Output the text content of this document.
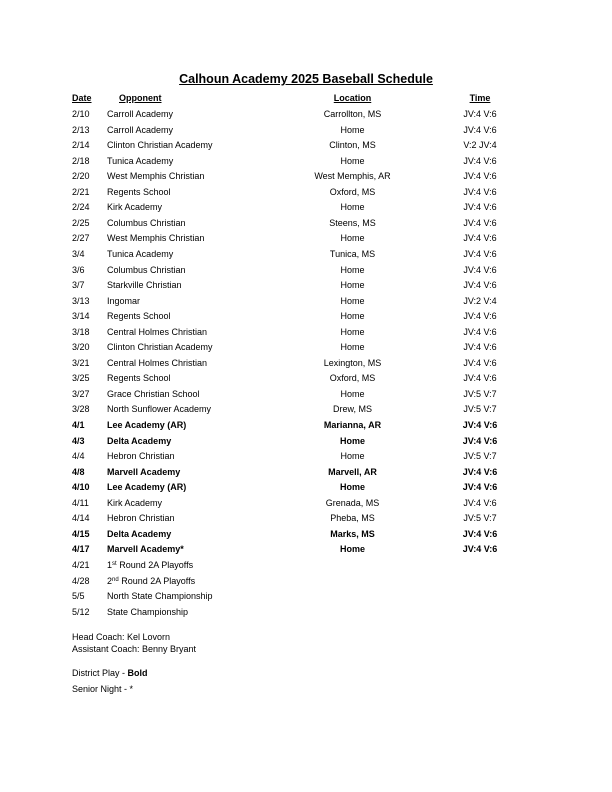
Calhoun Academy 2025 Baseball Schedule
Date	Opponent	Location	Time
2/10 Carroll Academy	Carrollton, MS	JV:4 V:6
2/13 Carroll Academy	Home	JV:4 V:6
2/14 Clinton Christian Academy	Clinton, MS	V:2 JV:4
2/18 Tunica Academy	Home	JV:4 V:6
2/20 West Memphis Christian	West Memphis, AR	JV:4 V:6
2/21 Regents School	Oxford, MS	JV:4 V:6
2/24 Kirk Academy	Home	JV:4 V:6
2/25 Columbus Christian	Steens, MS	JV:4 V:6
2/27 West Memphis Christian	Home	JV:4 V:6
3/4 Tunica Academy	Tunica, MS	JV:4 V:6
3/6 Columbus Christian	Home	JV:4 V:6
3/7 Starkville Christian	Home	JV:4 V:6
3/13 Ingomar	Home	JV:2 V:4
3/14 Regents School	Home	JV:4 V:6
3/18 Central Holmes Christian	Home	JV:4 V:6
3/20 Clinton Christian Academy	Home	JV:4 V:6
3/21 Central Holmes Christian	Lexington, MS	JV:4 V:6
3/25 Regents School	Oxford, MS	JV:4 V:6
3/27 Grace Christian School	Home	JV:5 V:7
3/28 North Sunflower Academy	Drew, MS	JV:5 V:7
4/1 Lee Academy (AR)	Marianna, AR	JV:4 V:6
4/3 Delta Academy	Home	JV:4 V:6
4/4 Hebron Christian	Home	JV:5 V:7
4/8 Marvell Academy	Marvell, AR	JV:4 V:6
4/10 Lee Academy (AR)	Home	JV:4 V:6
4/11 Kirk Academy	Grenada, MS	JV:4 V:6
4/14 Hebron Christian	Pheba, MS	JV:5 V:7
4/15 Delta Academy	Marks, MS	JV:4 V:6
4/17 Marvell Academy*	Home	JV:4 V:6
4/21 1st Round 2A Playoffs
4/28 2nd Round 2A Playoffs
5/5 North State Championship
5/12 State Championship
Head Coach: Kel Lovorn
Assistant Coach: Benny Bryant
District Play - Bold
Senior Night - *
